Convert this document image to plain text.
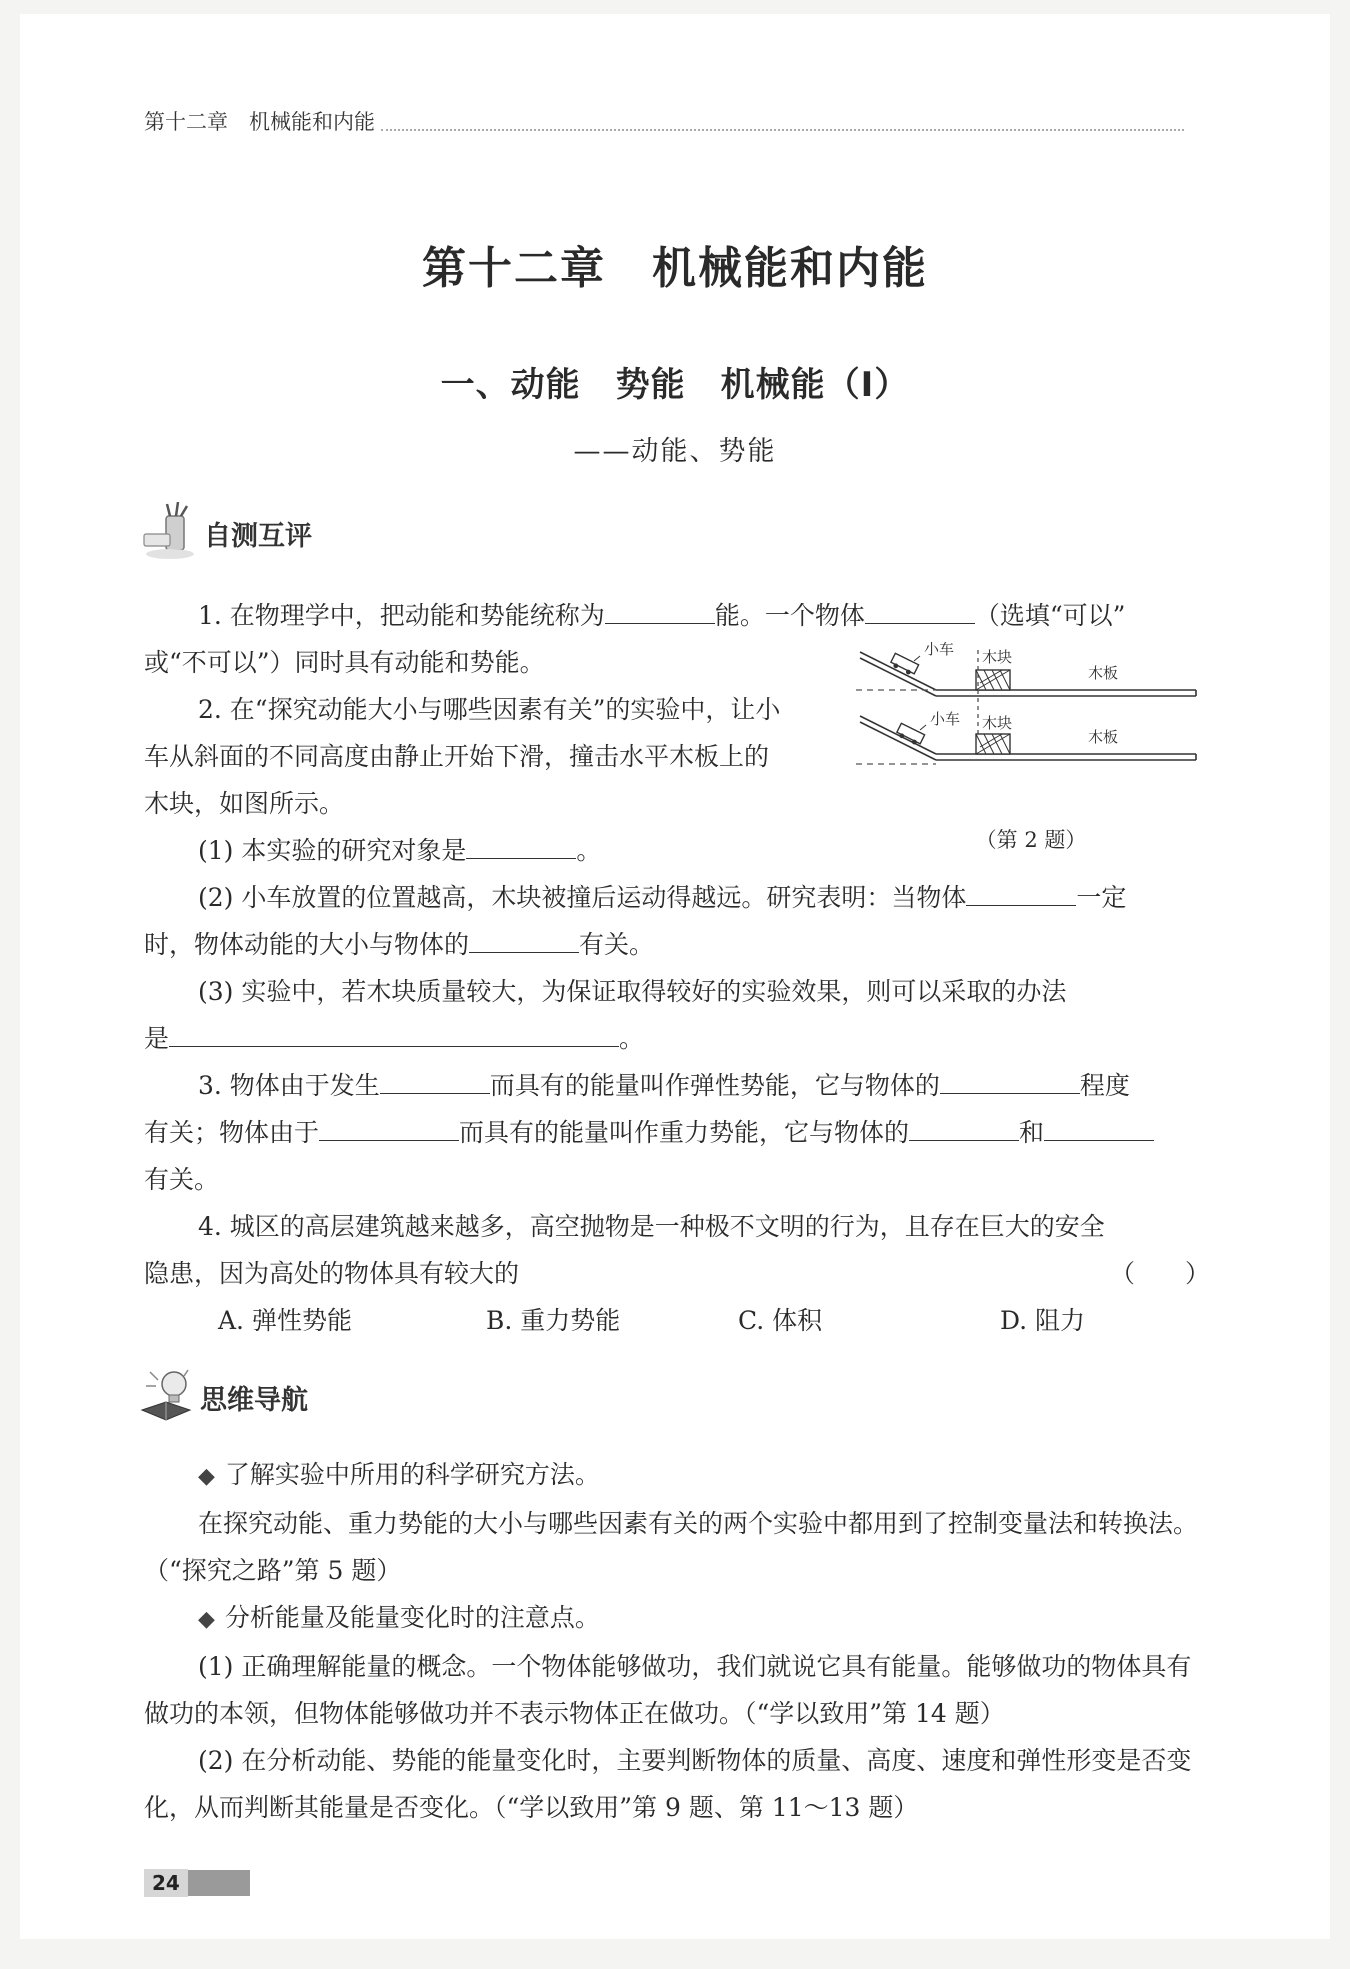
第十二章　机械能和内能
第十二章　机械能和内能
一、动能　势能　机械能（Ⅰ）
——动能、势能
自测互评

1. 在物理学中，把动能和势能统称为	能。一个物体	（选填“可以”

或“不可以”）同时具有动能和势能。

2. 在“探究动能大小与哪些因素有关”的实验中，让小

车从斜面的不同高度由静止开始下滑，撞击水平木板上的

木块，如图所示。

(1) 本实验的研究对象是	。

(2) 小车放置的位置越高，木块被撞后运动得越远。研究表明：当物体	一定

时，物体动能的大小与物体的	有关。

(3) 实验中，若木块质量较大，为保证取得较好的实验效果，则可以采取的办法

是	。

3. 物体由于发生	而具有的能量叫作弹性势能，它与物体的	程度

有关；物体由于	而具有的能量叫作重力势能，它与物体的	和

有关。

4. 城区的高层建筑越来越多，高空抛物是一种极不文明的行为，且存在巨大的安全

隐患，因为高处的物体具有较大的	（　　）

A. 弹性势能	B. 重力势能	C. 体积	D. 阻力
小车 木块
木板
小车 木块
木板
（第 2 题）
思维导航

◆ 了解实验中所用的科学研究方法。

在探究动能、重力势能的大小与哪些因素有关的两个实验中都用到了控制变量法和转换法。（“探究之路”第 5 题）

◆ 分析能量及能量变化时的注意点。

(1) 正确理解能量的概念。一个物体能够做功，我们就说它具有能量。能够做功的物体具有做功的本领，但物体能够做功并不表示物体正在做功。（“学以致用”第 14 题）

(2) 在分析动能、势能的能量变化时，主要判断物体的质量、高度、速度和弹性形变是否变化，从而判断其能量是否变化。（“学以致用”第 9 题、第 11～13 题）

24
